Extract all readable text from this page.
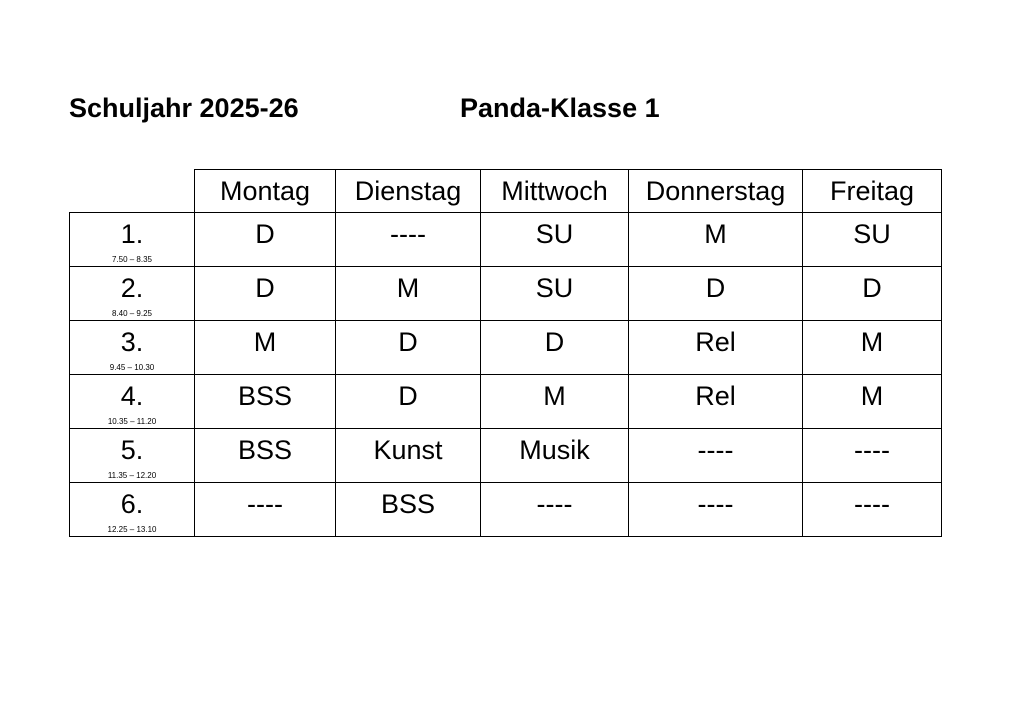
Schuljahr 2025-26	Panda-Klasse 1
	Montag	Dienstag	Mittwoch	Donnerstag	Freitag

1.
7.50 – 8.35	D	----	SU	M	SU

2.
8.40 – 9.25	D	M	SU	D	D

3.
9.45 – 10.30	M	D	D	Rel	M

4.
10.35 – 11.20	BSS	D	M	Rel	M

5.
11.35 – 12.20	BSS	Kunst	Musik	----	----

6.
12.25 – 13.10	----	BSS	----	----	----
